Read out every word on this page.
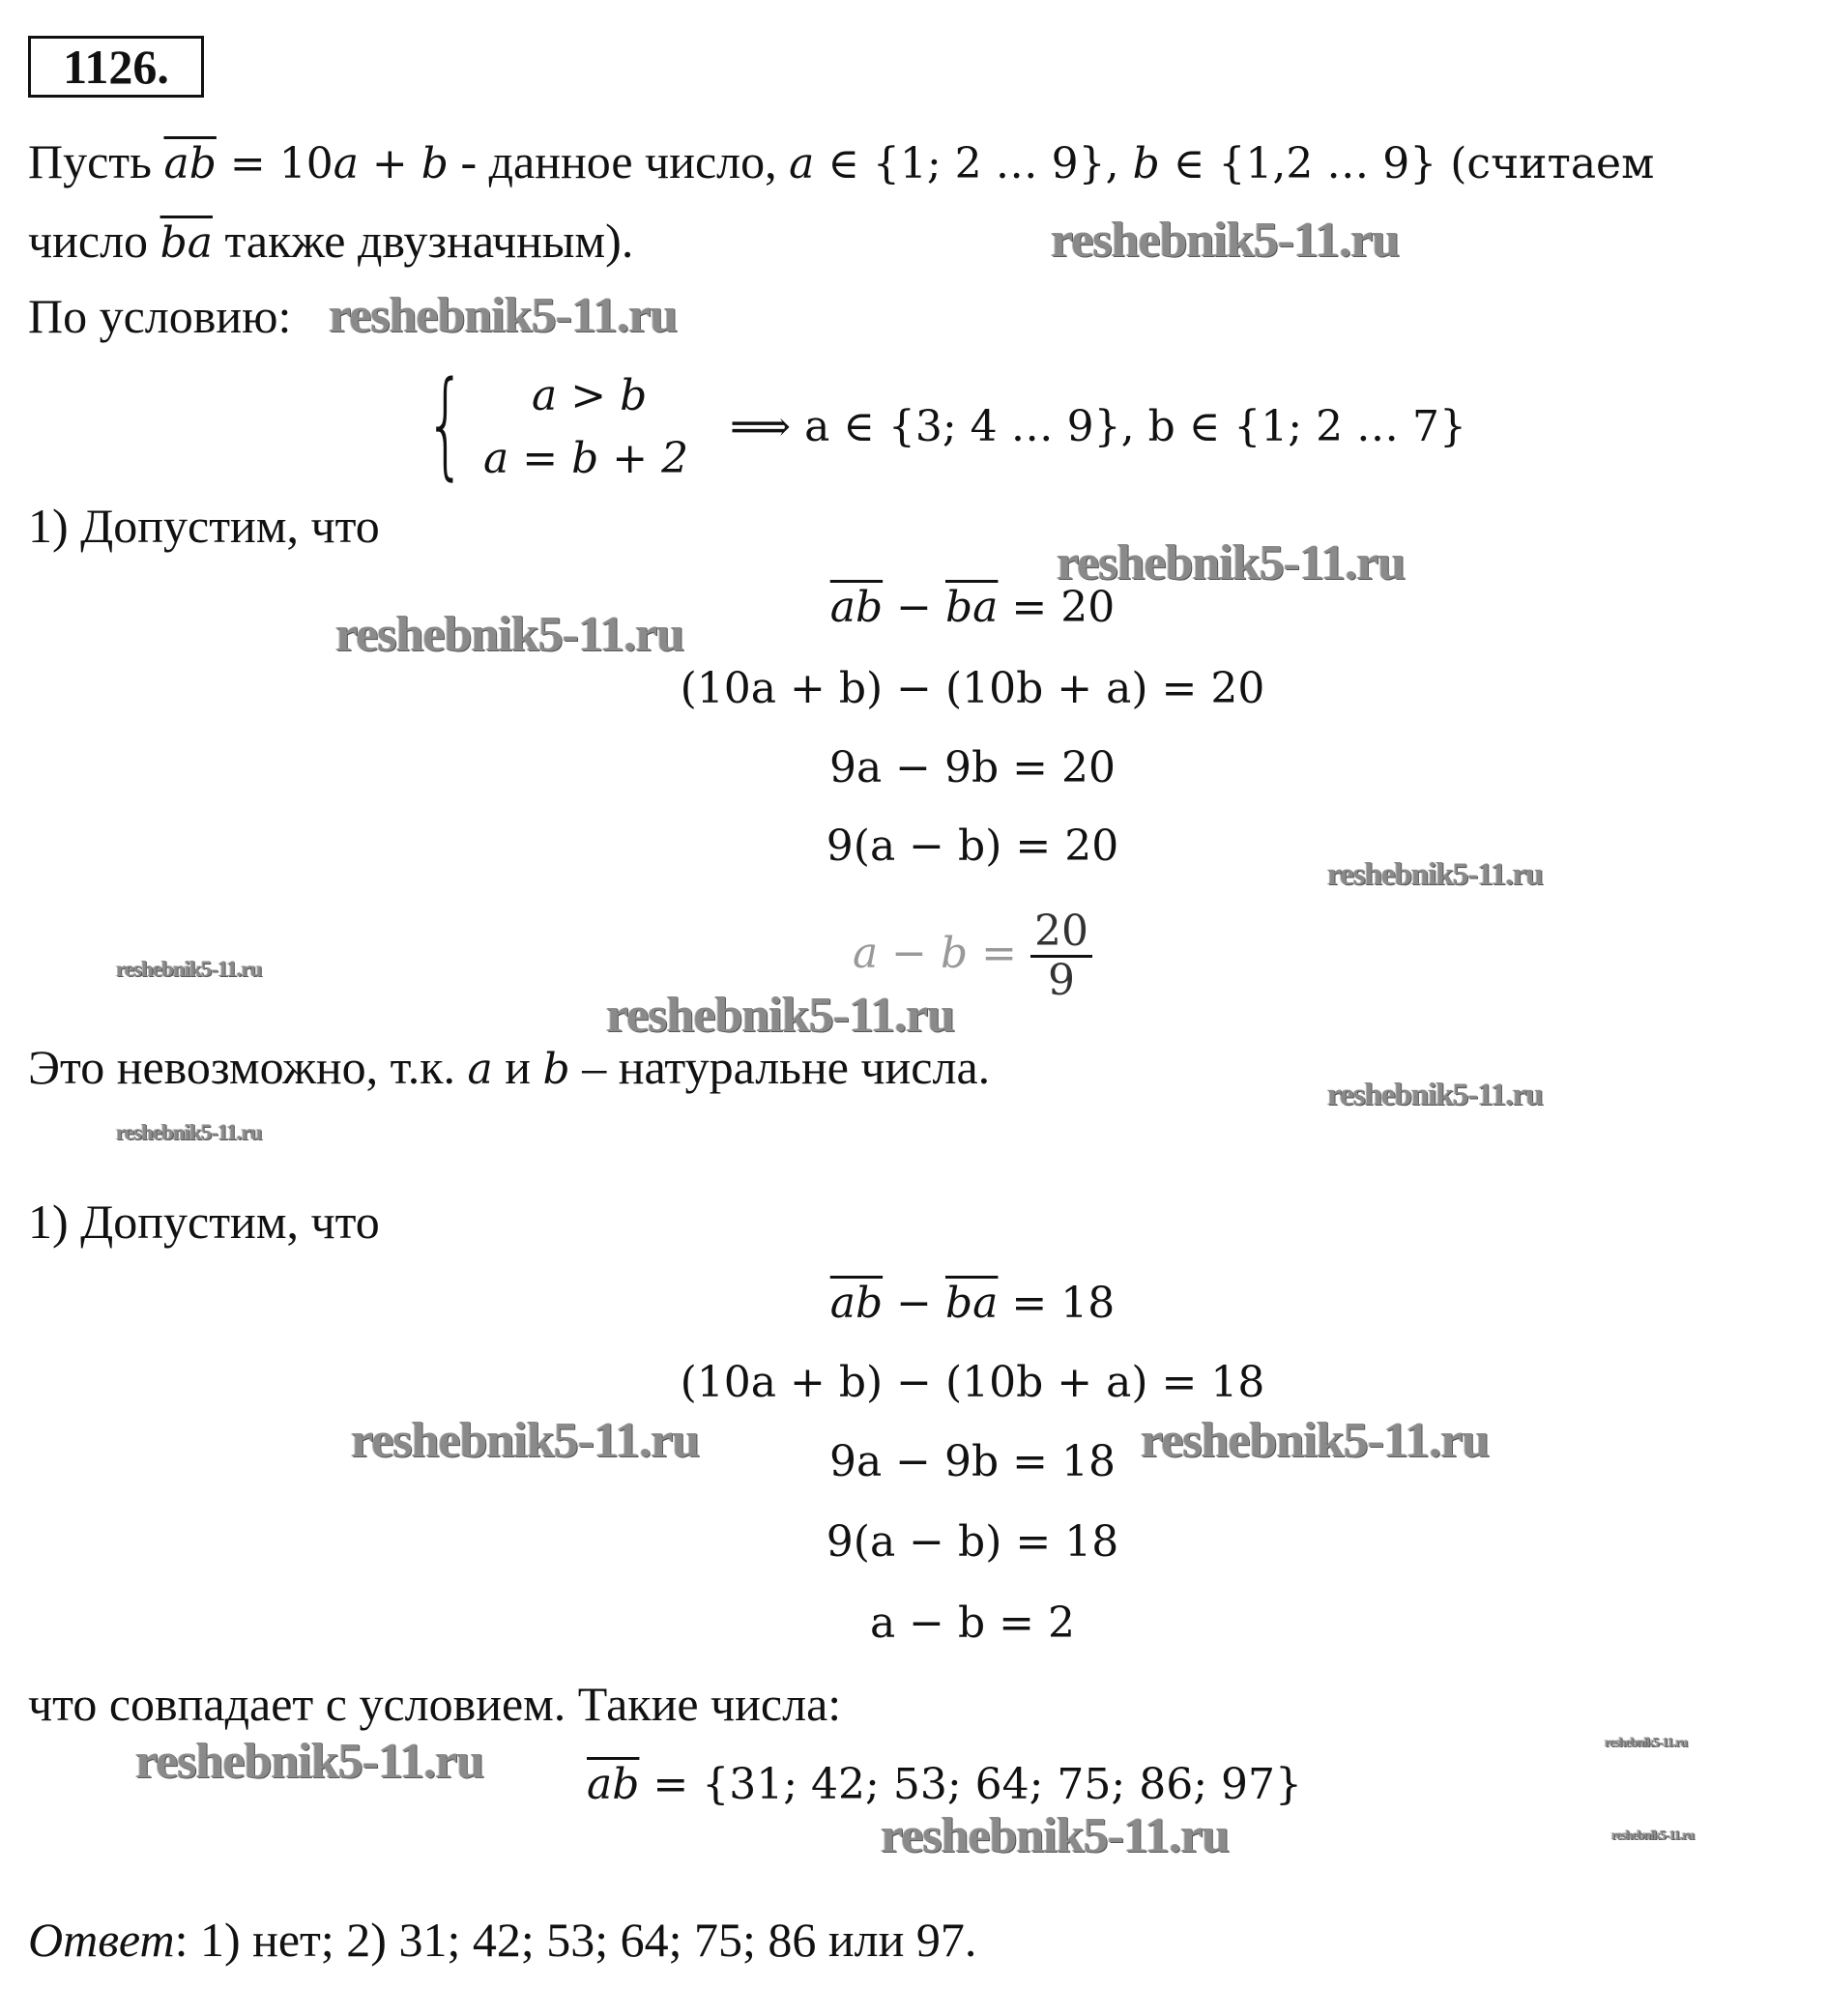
1126.
Пусть $\overline{ab} = 10a + b$ - данное число, a ∈ {1; 2 … 9}, b ∈ {1,2 … 9} (считаем
число $\overline{ba}$ также двузначным).
По условию:
{ a > b
a = b + 2
⟹ a ∈ {3; 4 … 9}, b ∈ {1; 2 … 7}
1) Допустим, что
$\overline{ab} - \overline{ba} = 20$
(10a + b) − (10b + a) = 20
9a − 9b = 20
9(a − b) = 20
$a - b = \frac{20}{9}$
Это невозможно, т.к. a и b – натуральне числа.
1) Допустим, что
$\overline{ab} - \overline{ba} = 18$
(10a + b) − (10b + a) = 18
9a − 9b = 18
9(a − b) = 18
a − b = 2
что совпадает с условием. Такие числа:
$\overline{ab} = \{31$; 42; 53; 64; 75; 86; 97}
Ответ: 1) нет; 2) 31; 42; 53; 64; 75; 86 или 97.
reshebnik5-11.ru
reshebnik5-11.ru
reshebnik5-11.ru
reshebnik5-11.ru
reshebnik5-11.ru
reshebnik5-11.ru
reshebnik5-11.ru
reshebnik5-11.ru
reshebnik5-11.ru
reshebnik5-11.ru	reshebnik5-11.ru
reshebnik5-11.ru	reshebnik5-11.ru
reshebnik5-11.ru	reshebnik5-11.ru
